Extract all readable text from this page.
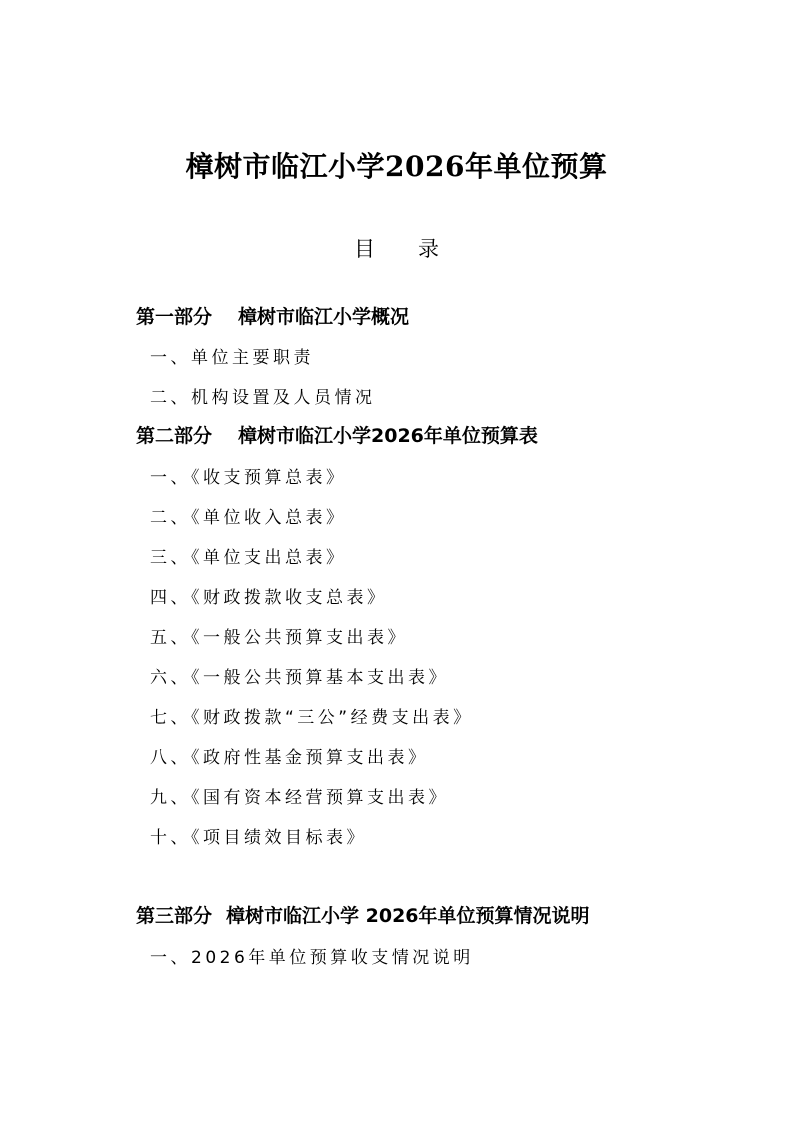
樟树市临江小学2026年单位预算
目 录
第一部分 樟树市临江小学概况
一、单位主要职责
二、机构设置及人员情况
第二部分 樟树市临江小学2026年单位预算表
一、《收支预算总表》
二、《单位收入总表》
三、《单位支出总表》
四、《财政拨款收支总表》
五、《一般公共预算支出表》
六、《一般公共预算基本支出表》
七、《财政拨款“三公”经费支出表》
八、《政府性基金预算支出表》
九、《国有资本经营预算支出表》
十、《项目绩效目标表》
第三部分 樟树市临江小学 2026年单位预算情况说明
一、2026年单位预算收支情况说明
